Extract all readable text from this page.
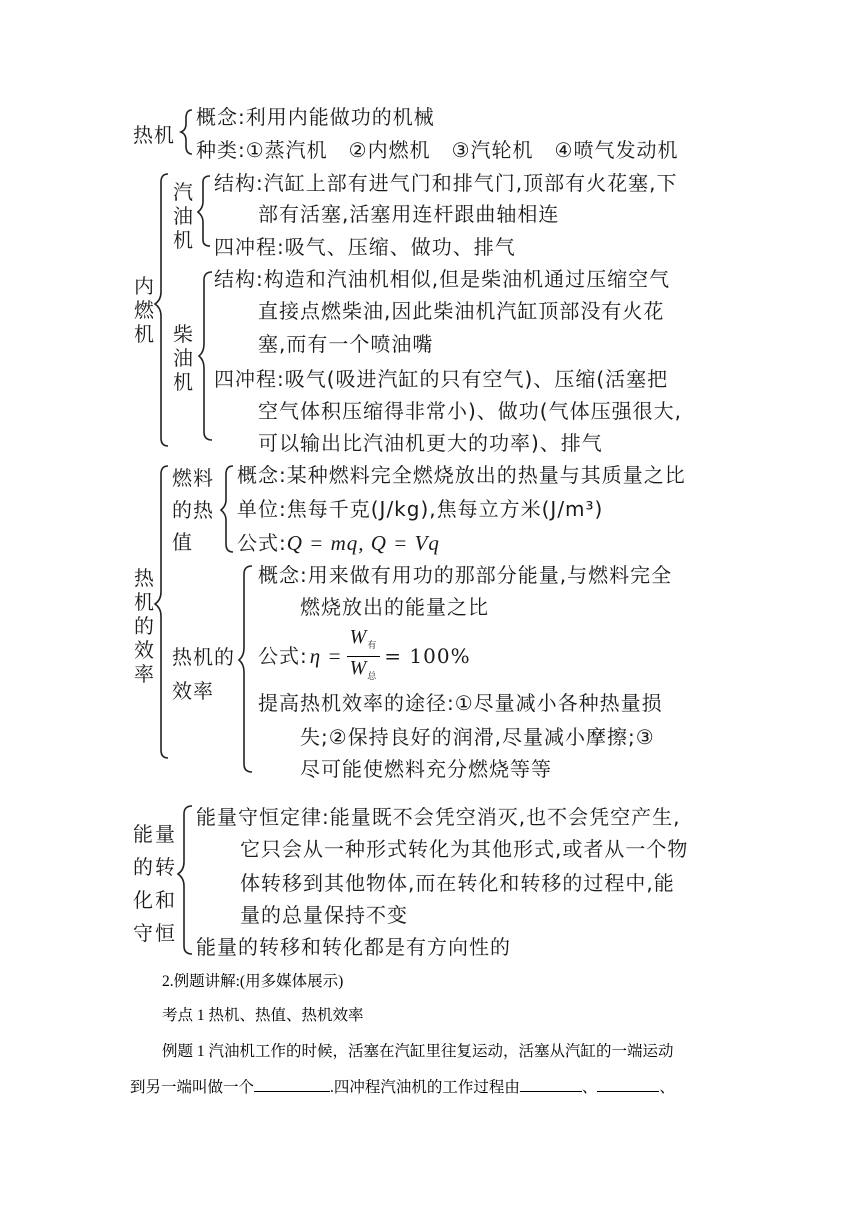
热机
概念:利用内能做功的机械
种类:①蒸汽机　②内燃机　③汽轮机　④喷气发动机
内燃机
汽油机
结构:汽缸上部有进气门和排气门,顶部有火花塞,下
部有活塞,活塞用连杆跟曲轴相连
四冲程:吸气、压缩、做功、排气
柴油机
结构:构造和汽油机相似,但是柴油机通过压缩空气
直接点燃柴油,因此柴油机汽缸顶部没有火花
塞,而有一个喷油嘴
四冲程:吸气(吸进汽缸的只有空气)、压缩(活塞把
空气体积压缩得非常小)、做功(气体压强很大,
可以输出比汽油机更大的功率)、排气
热机的效率
燃料的热值
概念:某种燃料完全燃烧放出的热量与其质量之比
单位:焦每千克(J/kg),焦每立方米(J/m³)
公式:Q = mq, Q = Vq
热机的效率
概念:用来做有用功的那部分能量,与燃料完全
燃烧放出的能量之比
公式: $\eta = \frac{W_有}{W_总} = 100\%$
提高热机效率的途径:①尽量减小各种热量损
失;②保持良好的润滑,尽量减小摩擦;③
尽可能使燃料充分燃烧等等
能量的转化和守恒
能量守恒定律:能量既不会凭空消灭,也不会凭空产生,
它只会从一种形式转化为其他形式,或者从一个物
体转移到其他物体,而在转化和转移的过程中,能
量的总量保持不变
能量的转移和转化都是有方向性的
2.例题讲解:(用多媒体展示)
考点 1 热机、热值、热机效率
例题 1 汽油机工作的时候，活塞在汽缸里往复运动，活塞从汽缸的一端运动
到另一端叫做一个	.四冲程汽油机的工作过程由	、	、
